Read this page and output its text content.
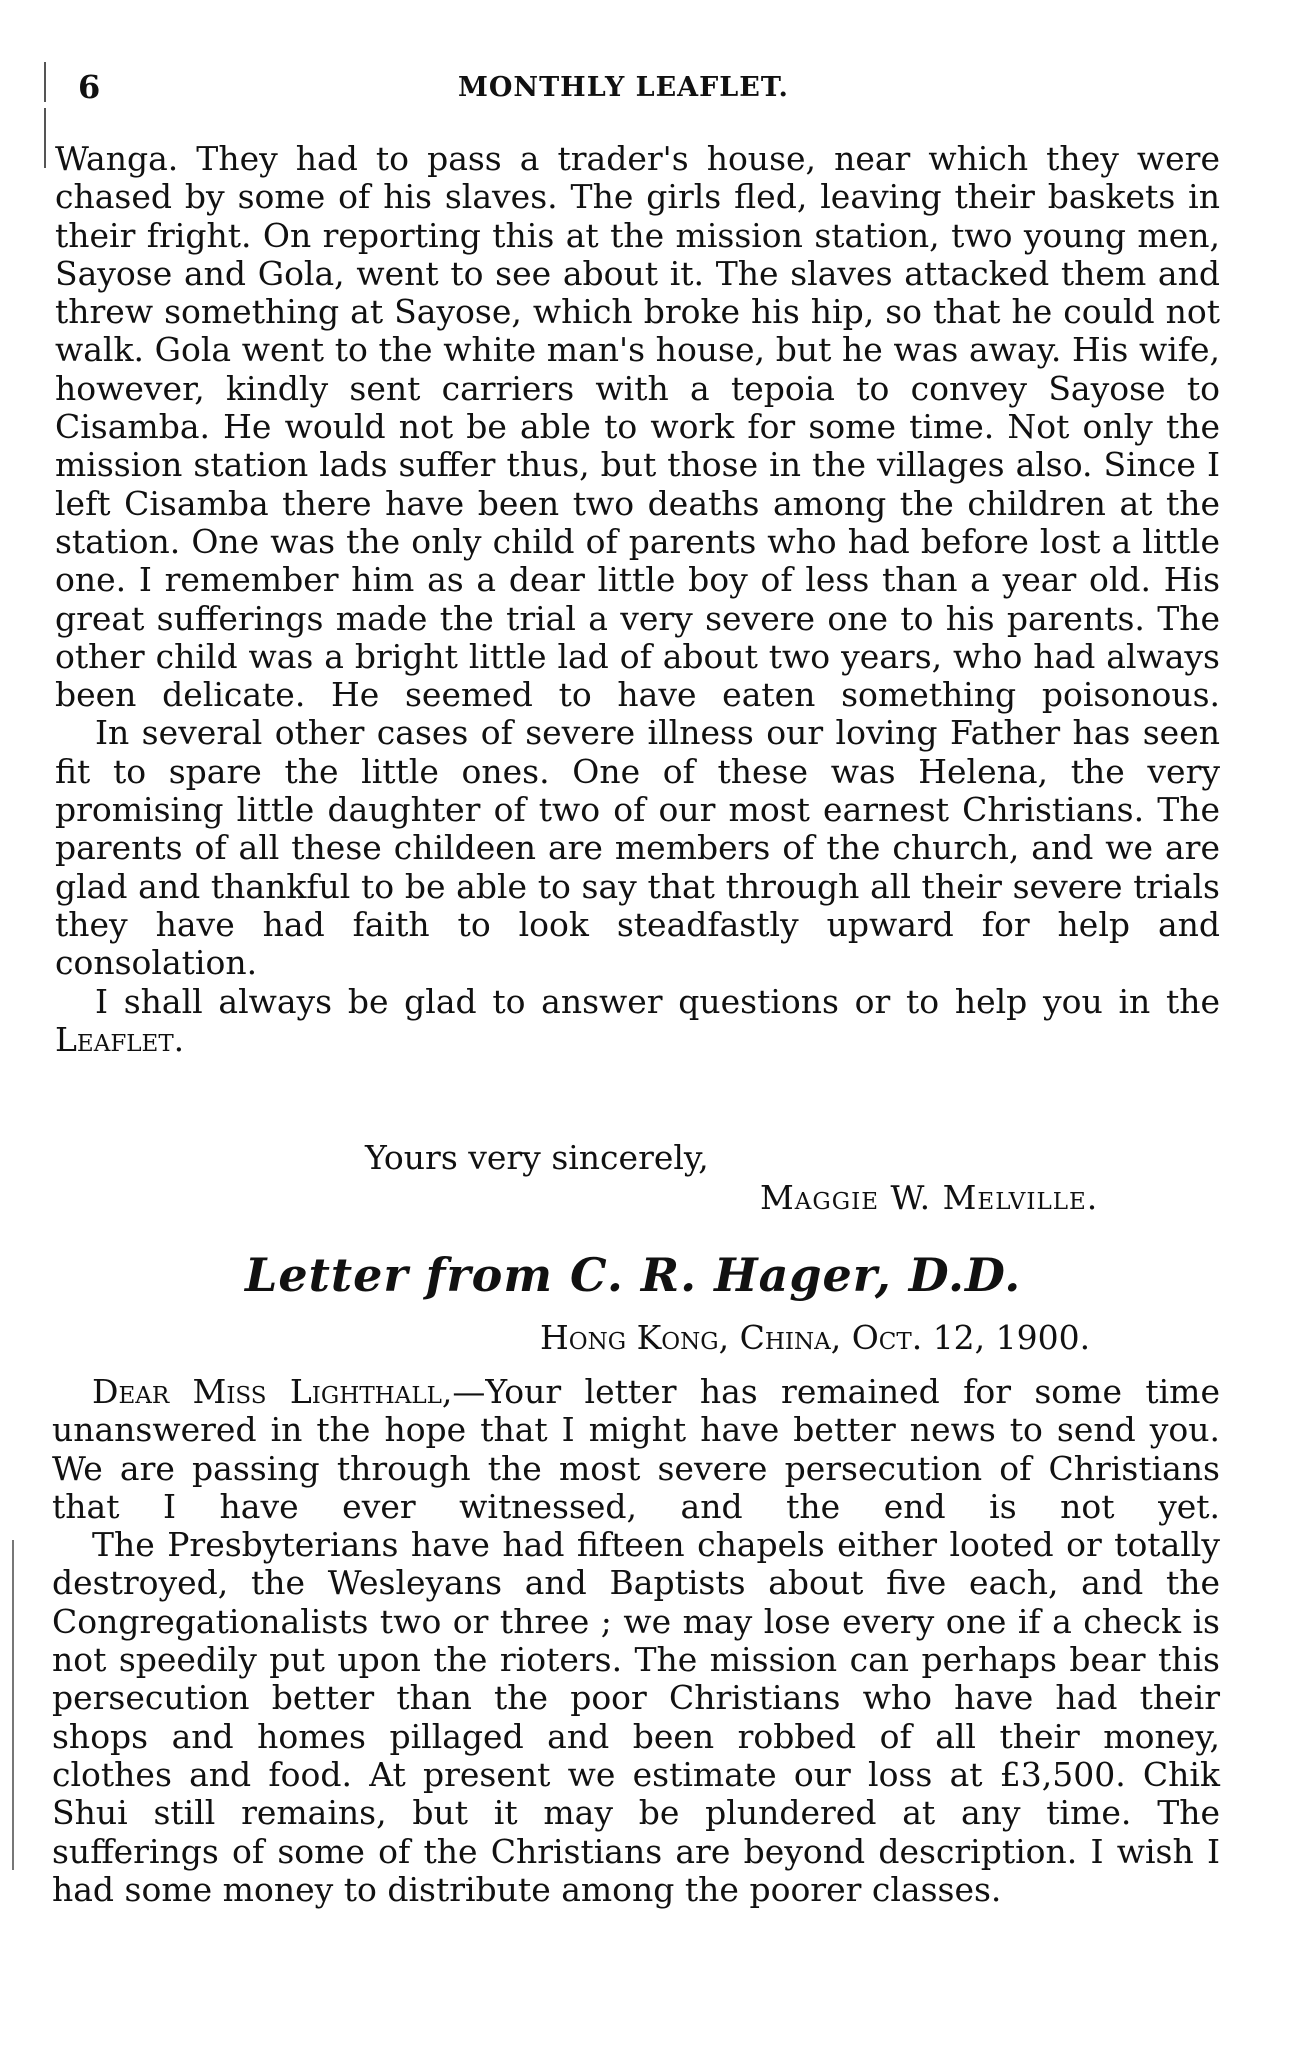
6	MONTHLY LEAFLET.

Wanga. They had to pass a trader's house, near which they were chased by some of his slaves. The girls fled, leaving their baskets in their fright. On reporting this at the mission station, two young men, Sayose and Gola, went to see about it. The slaves attacked them and threw something at Sayose, which broke his hip, so that he could not walk. Gola went to the white man's house, but he was away. His wife, however, kindly sent carriers with a tepoia to convey Sayose to Cisamba. He would not be able to work for some time. Not only the mission station lads suffer thus, but those in the villages also. Since I left Cisamba there have been two deaths among the children at the station. One was the only child of parents who had before lost a little one. I remember him as a dear little boy of less than a year old. His great sufferings made the trial a very severe one to his parents. The other child was a bright little lad of about two years, who had always been delicate. He seemed to have eaten something poisonous.

In several other cases of severe illness our loving Father has seen fit to spare the little ones. One of these was Helena, the very promising little daughter of two of our most earnest Christians. The parents of all these childeen are members of the church, and we are glad and thankful to be able to say that through all their severe trials they have had faith to look steadfastly upward for help and consolation.

I shall always be glad to answer questions or to help you in the Leaflet.

Yours very sincerely,
Maggie W. Melville.
Letter from C. R. Hager, D.D.
Hong Kong, China, Oct. 12, 1900.

Dear Miss Lighthall,—Your letter has remained for some time unanswered in the hope that I might have better news to send you. We are passing through the most severe persecution of Christians that I have ever witnessed, and the end is not yet.

The Presbyterians have had fifteen chapels either looted or totally destroyed, the Wesleyans and Baptists about five each, and the Congregationalists two or three ; we may lose every one if a check is not speedily put upon the rioters. The mission can perhaps bear this persecution better than the poor Christians who have had their shops and homes pillaged and been robbed of all their money, clothes and food. At present we estimate our loss at £3,500. Chik Shui still remains, but it may be plundered at any time. The sufferings of some of the Christians are beyond description. I wish I had some money to distribute among the poorer classes.
